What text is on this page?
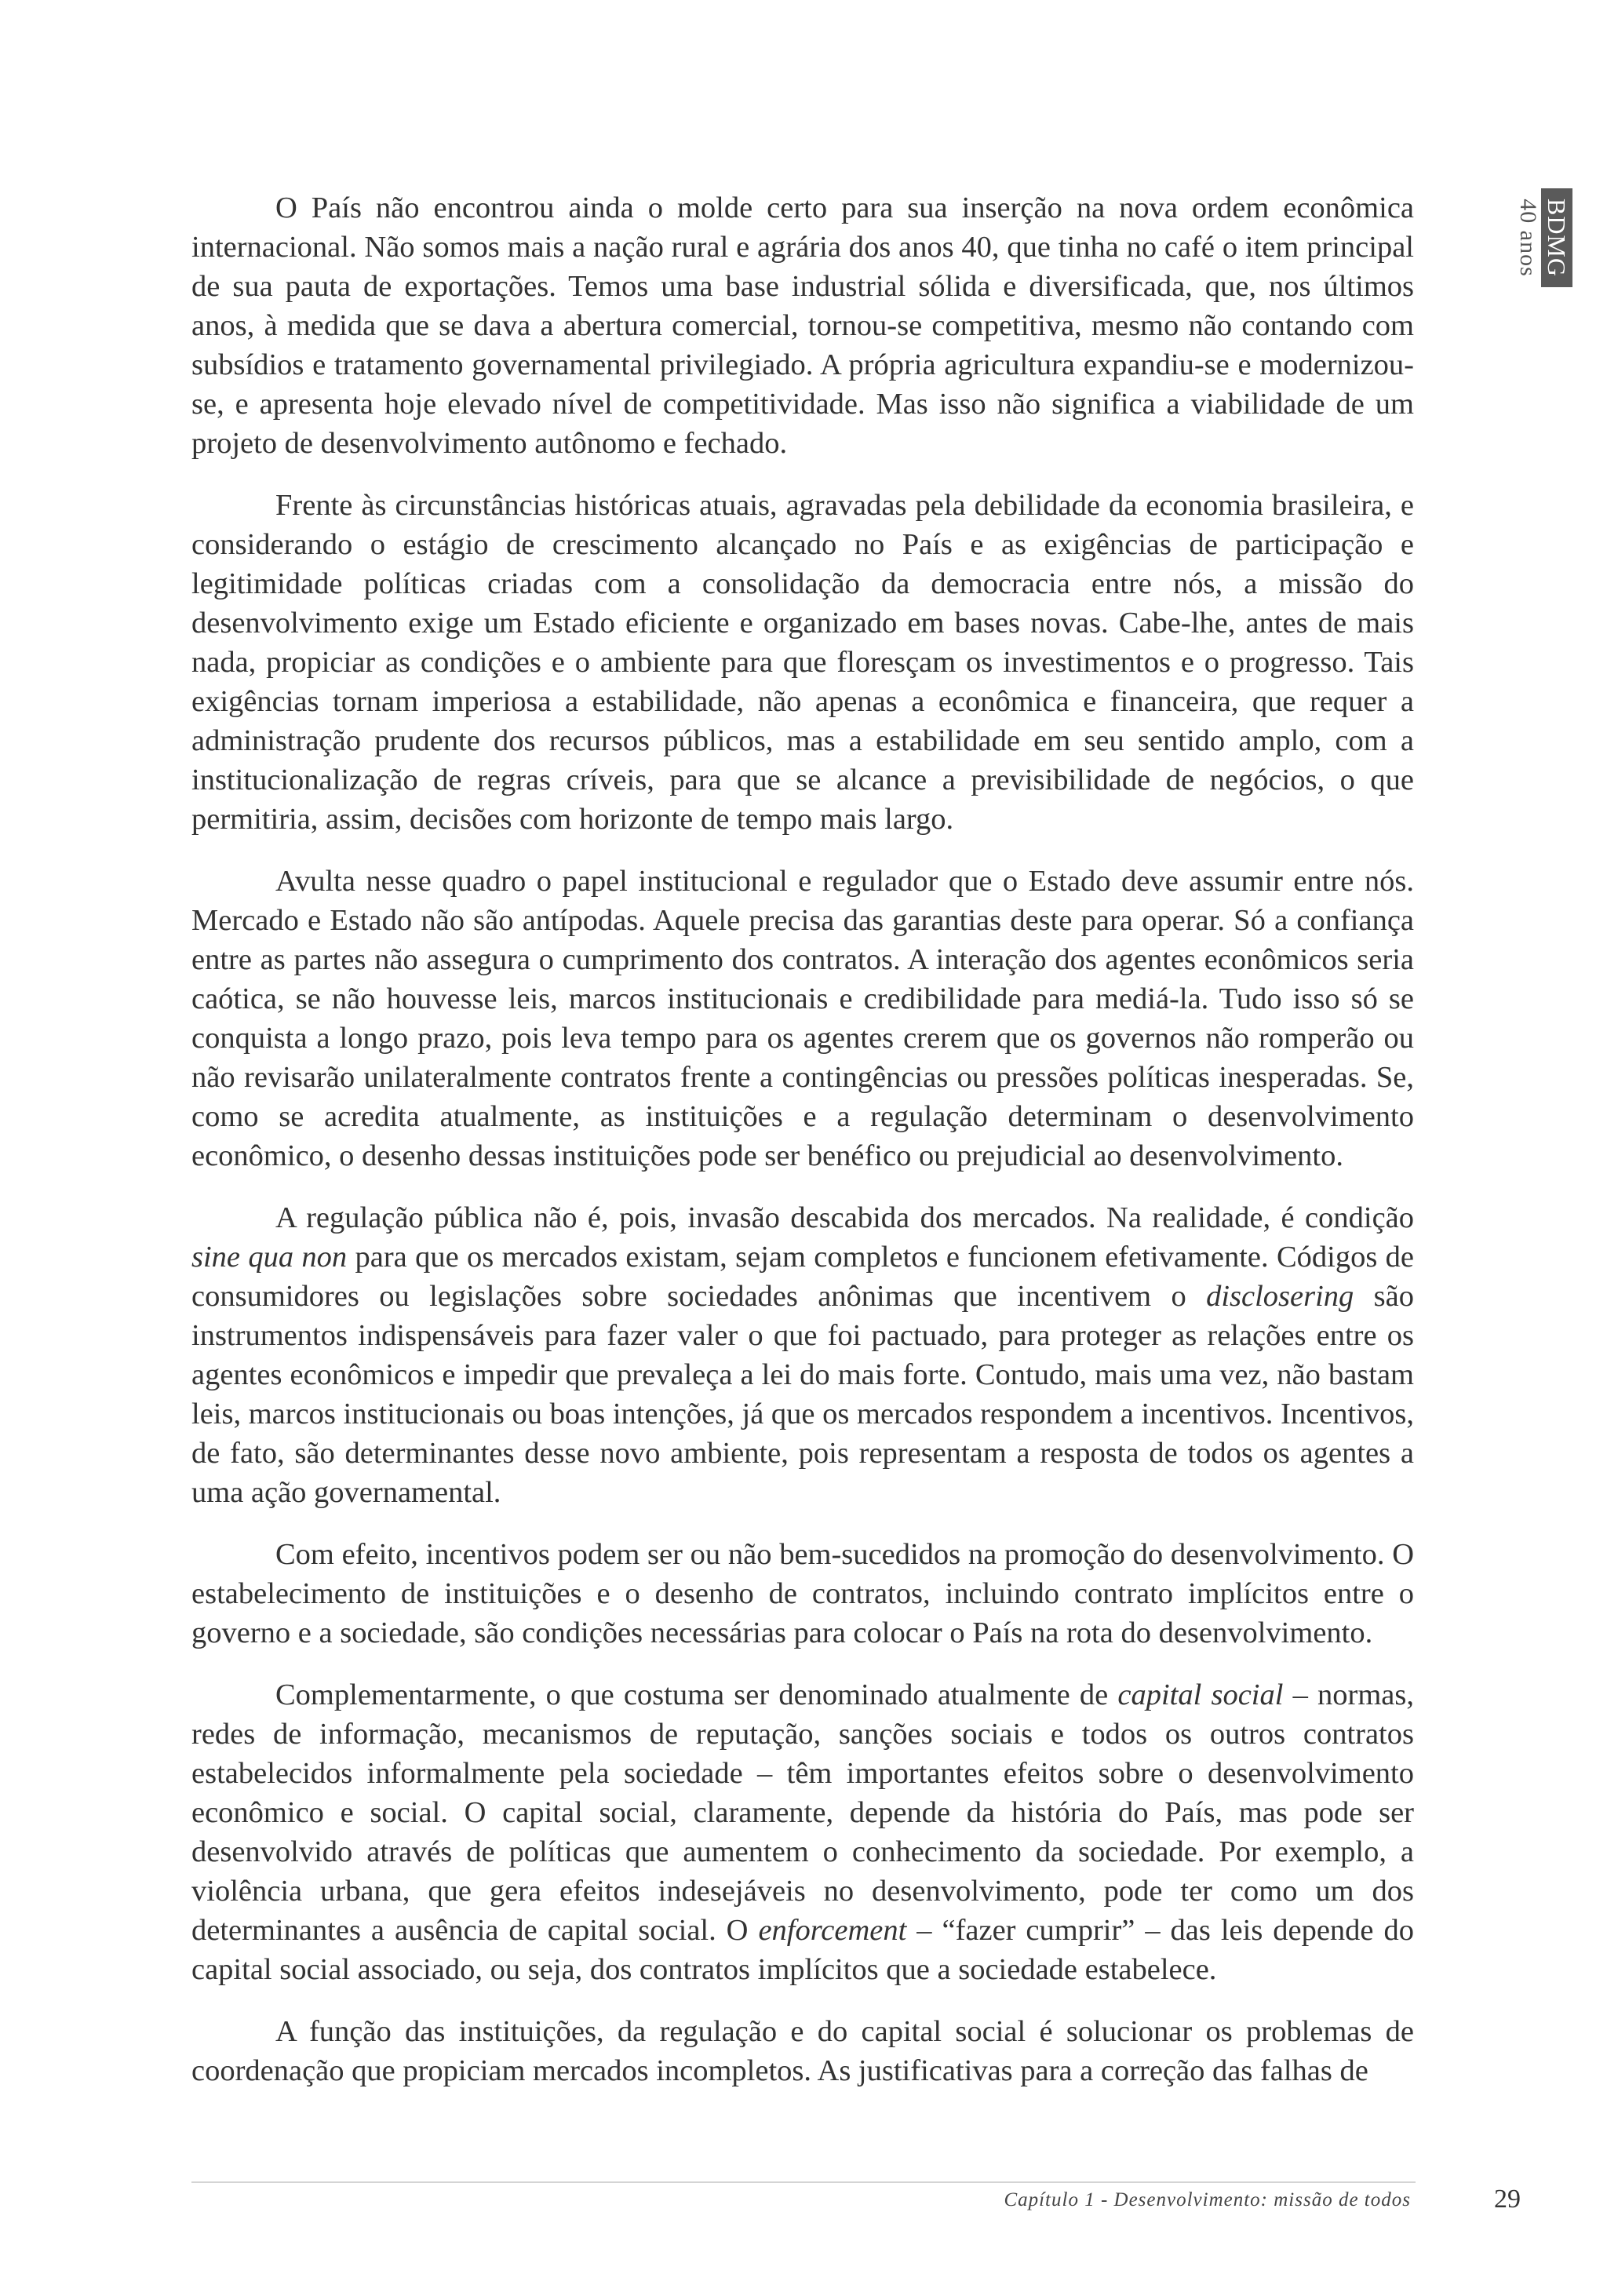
BDMG
40 anos

O País não encontrou ainda o molde certo para sua inserção na nova ordem econômica internacional. Não somos mais a nação rural e agrária dos anos 40, que tinha no café o item principal de sua pauta de exportações. Temos uma base industrial sólida e diversificada, que, nos últimos anos, à medida que se dava a abertura comercial, tornou-se competitiva, mesmo não contando com subsídios e tratamento governamental privilegiado. A própria agricultura expandiu-se e modernizou-se, e apresenta hoje elevado nível de competitividade. Mas isso não significa a viabilidade de um projeto de desenvolvimento autônomo e fechado.

Frente às circunstâncias históricas atuais, agravadas pela debilidade da economia brasileira, e considerando o estágio de crescimento alcançado no País e as exigências de participação e legitimidade políticas criadas com a consolidação da democracia entre nós, a missão do desenvolvimento exige um Estado eficiente e organizado em bases novas. Cabe-lhe, antes de mais nada, propiciar as condições e o ambiente para que floresçam os investimentos e o progresso. Tais exigências tornam imperiosa a estabilidade, não apenas a econômica e financeira, que requer a administração prudente dos recursos públicos, mas a estabilidade em seu sentido amplo, com a institucionalização de regras críveis, para que se alcance a previsibilidade de negócios, o que permitiria, assim, decisões com horizonte de tempo mais largo.

Avulta nesse quadro o papel institucional e regulador que o Estado deve assumir entre nós. Mercado e Estado não são antípodas. Aquele precisa das garantias deste para operar. Só a confiança entre as partes não assegura o cumprimento dos contratos. A interação dos agentes econômicos seria caótica, se não houvesse leis, marcos institucionais e credibilidade para mediá-la. Tudo isso só se conquista a longo prazo, pois leva tempo para os agentes crerem que os governos não romperão ou não revisarão unilateralmente contratos frente a contingências ou pressões políticas inesperadas. Se, como se acredita atualmente, as instituições e a regulação determinam o desenvolvimento econômico, o desenho dessas instituições pode ser benéfico ou prejudicial ao desenvolvimento.

A regulação pública não é, pois, invasão descabida dos mercados. Na realidade, é condição sine qua non para que os mercados existam, sejam completos e funcionem efetivamente. Códigos de consumidores ou legislações sobre sociedades anônimas que incentivem o disclosering são instrumentos indispensáveis para fazer valer o que foi pactuado, para proteger as relações entre os agentes econômicos e impedir que prevaleça a lei do mais forte. Contudo, mais uma vez, não bastam leis, marcos institucionais ou boas intenções, já que os mercados respondem a incentivos. Incentivos, de fato, são determinantes desse novo ambiente, pois representam a resposta de todos os agentes a uma ação governamental.

Com efeito, incentivos podem ser ou não bem-sucedidos na promoção do desenvolvimento. O estabelecimento de instituições e o desenho de contratos, incluindo contrato implícitos entre o governo e a sociedade, são condições necessárias para colocar o País na rota do desenvolvimento.

Complementarmente, o que costuma ser denominado atualmente de capital social – normas, redes de informação, mecanismos de reputação, sanções sociais e todos os outros contratos estabelecidos informalmente pela sociedade – têm importantes efeitos sobre o desenvolvimento econômico e social. O capital social, claramente, depende da história do País, mas pode ser desenvolvido através de políticas que aumentem o conhecimento da sociedade. Por exemplo, a violência urbana, que gera efeitos indesejáveis no desenvolvimento, pode ter como um dos determinantes a ausência de capital social. O enforcement – “fazer cumprir” – das leis depende do capital social associado, ou seja, dos contratos implícitos que a sociedade estabelece.

A função das instituições, da regulação e do capital social é solucionar os problemas de coordenação que propiciam mercados incompletos. As justificativas para a correção das falhas de

Capítulo 1 - Desenvolvimento: missão de todos	29
